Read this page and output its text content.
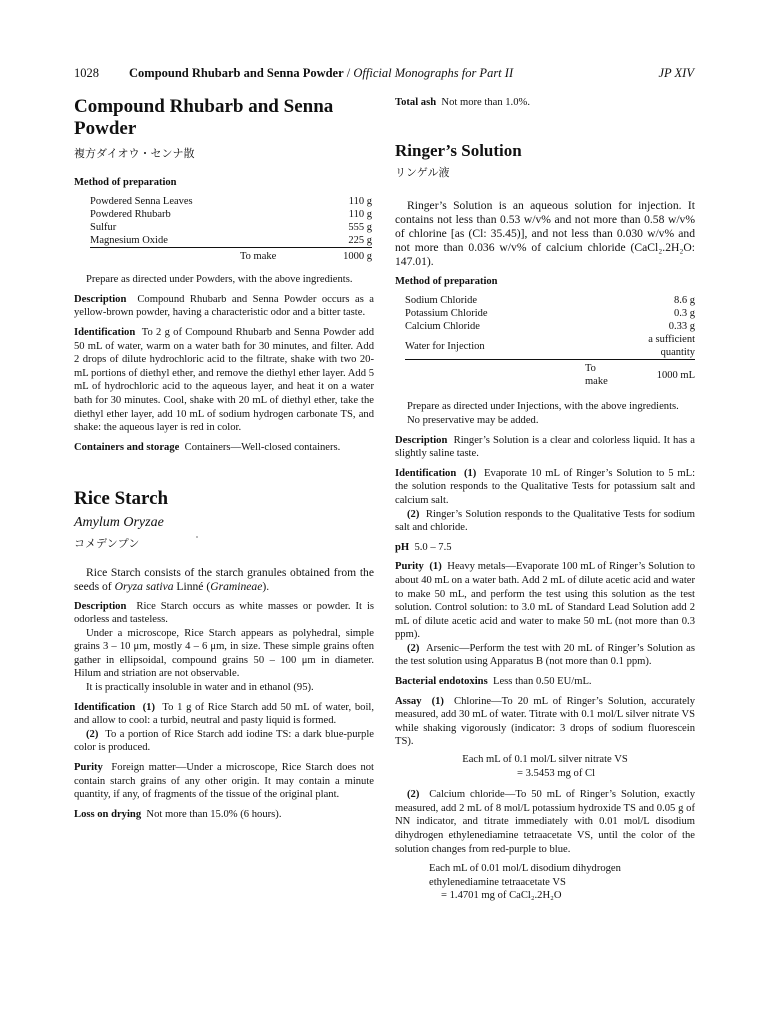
1028 Compound Rhubarb and Senna Powder / Official Monographs for Part II	JP XIV
Compound Rhubarb and Senna Powder
複方ダイオウ・センナ散
Method of preparation
Powdered Senna Leaves	110 g
Powdered Rhubarb	110 g
Sulfur	555 g
Magnesium Oxide	225 g
To make	1000 g

Prepare as directed under Powders, with the above ingredients.

Description Compound Rhubarb and Senna Powder occurs as a yellow-brown powder, having a characteristic odor and a bitter taste.

Identification To 2 g of Compound Rhubarb and Senna Powder add 50 mL of water, warm on a water bath for 30 minutes, and filter. Add 2 drops of dilute hydrochloric acid to the filtrate, shake with two 20-mL portions of diethyl ether, and remove the diethyl ether layer. Add 5 mL of hydrochloric acid to the aqueous layer, and heat it on a water bath for 30 minutes. Cool, shake with 20 mL of diethyl ether, take the diethyl ether layer, add 10 mL of sodium hydrogen carbonate TS, and shake: the aqueous layer is red in color.

Containers and storage Containers—Well-closed containers.

Rice Starch
Amylum Oryzae
コメデンプン

Rice Starch consists of the starch granules obtained from the seeds of Oryza sativa Linné (Gramineae).

Description Rice Starch occurs as white masses or powder. It is odorless and tasteless.

Under a microscope, Rice Starch appears as polyhedral, simple grains 3 – 10 μm, mostly 4 – 6 μm, in size. These simple grains often gather in ellipsoidal, compound grains 50 – 100 μm in diameter. Hilum and striation are not observable.

It is practically insoluble in water and in ethanol (95).

Identification (1) To 1 g of Rice Starch add 50 mL of water, boil, and allow to cool: a turbid, neutral and pasty liquid is formed.

(2) To a portion of Rice Starch add iodine TS: a dark blue-purple color is produced.

Purity Foreign matter—Under a microscope, Rice Starch does not contain starch grains of any other origin. It may contain a minute quantity, if any, of fragments of the tissue of the original plant.

Loss on drying Not more than 15.0% (6 hours).

Total ash Not more than 1.0%.

Ringer’s Solution
リンゲル液

Ringer’s Solution is an aqueous solution for injection. It contains not less than 0.53 w/v% and not more than 0.58 w/v% of chlorine [as (Cl: 35.45)], and not less than 0.030 w/v% and not more than 0.036 w/v% of calcium chloride (CaCl₂.2H₂O: 147.01).

Method of preparation
Sodium Chloride	8.6 g
Potassium Chloride	0.3 g
Calcium Chloride	0.33 g
Water for Injection	a sufficient quantity
To make	1000 mL

Prepare as directed under Injections, with the above ingredients.

No preservative may be added.

Description Ringer’s Solution is a clear and colorless liquid. It has a slightly saline taste.

Identification (1) Evaporate 10 mL of Ringer’s Solution to 5 mL: the solution responds to the Qualitative Tests for potassium salt and calcium salt.

(2) Ringer’s Solution responds to the Qualitative Tests for sodium salt and chloride.

pH 5.0 – 7.5

Purity (1) Heavy metals—Evaporate 100 mL of Ringer’s Solution to about 40 mL on a water bath. Add 2 mL of dilute acetic acid and water to make 50 mL, and perform the test using this solution as the test solution. Control solution: to 3.0 mL of Standard Lead Solution add 2 mL of dilute acetic acid and water to make 50 mL (not more than 0.3 ppm).

(2) Arsenic—Perform the test with 20 mL of Ringer’s Solution as the test solution using Apparatus B (not more than 0.1 ppm).

Bacterial endotoxins Less than 0.50 EU/mL.

Assay (1) Chlorine—To 20 mL of Ringer’s Solution, accurately measured, add 30 mL of water. Titrate with 0.1 mol/L silver nitrate VS while shaking vigorously (indicator: 3 drops of sodium fluorescein TS).

Each mL of 0.1 mol/L silver nitrate VS
= 3.5453 mg of Cl

(2) Calcium chloride—To 50 mL of Ringer’s Solution, exactly measured, add 2 mL of 8 mol/L potassium hydroxide TS and 0.05 g of NN indicator, and titrate immediately with 0.01 mol/L disodium dihydrogen ethylenediamine tetraacetate VS, until the color of the solution changes from red-purple to blue.

Each mL of 0.01 mol/L disodium dihydrogen
ethylenediamine tetraacetate VS
= 1.4701 mg of CaCl₂.2H₂O
